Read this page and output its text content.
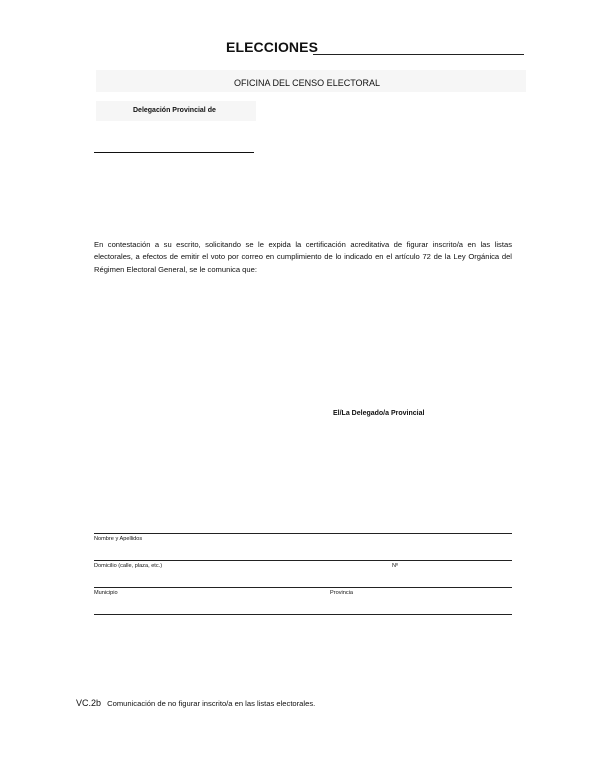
ELECCIONES
OFICINA DEL CENSO ELECTORAL
Delegación Provincial de
En contestación a su escrito, solicitando se le expida la certificación acreditativa de figurar inscrito/a en las listas electorales, a efectos de emitir el voto por correo en cumplimiento de lo indicado en el artículo 72 de la Ley Orgánica del Régimen Electoral General, se le comunica que:
El/La Delegado/a Provincial
Nombre y Apellidos
Domicilio (calle, plaza, etc.)	Nº
Municipio	Provincia
VC.2b Comunicación de no figurar inscrito/a en las listas electorales.
